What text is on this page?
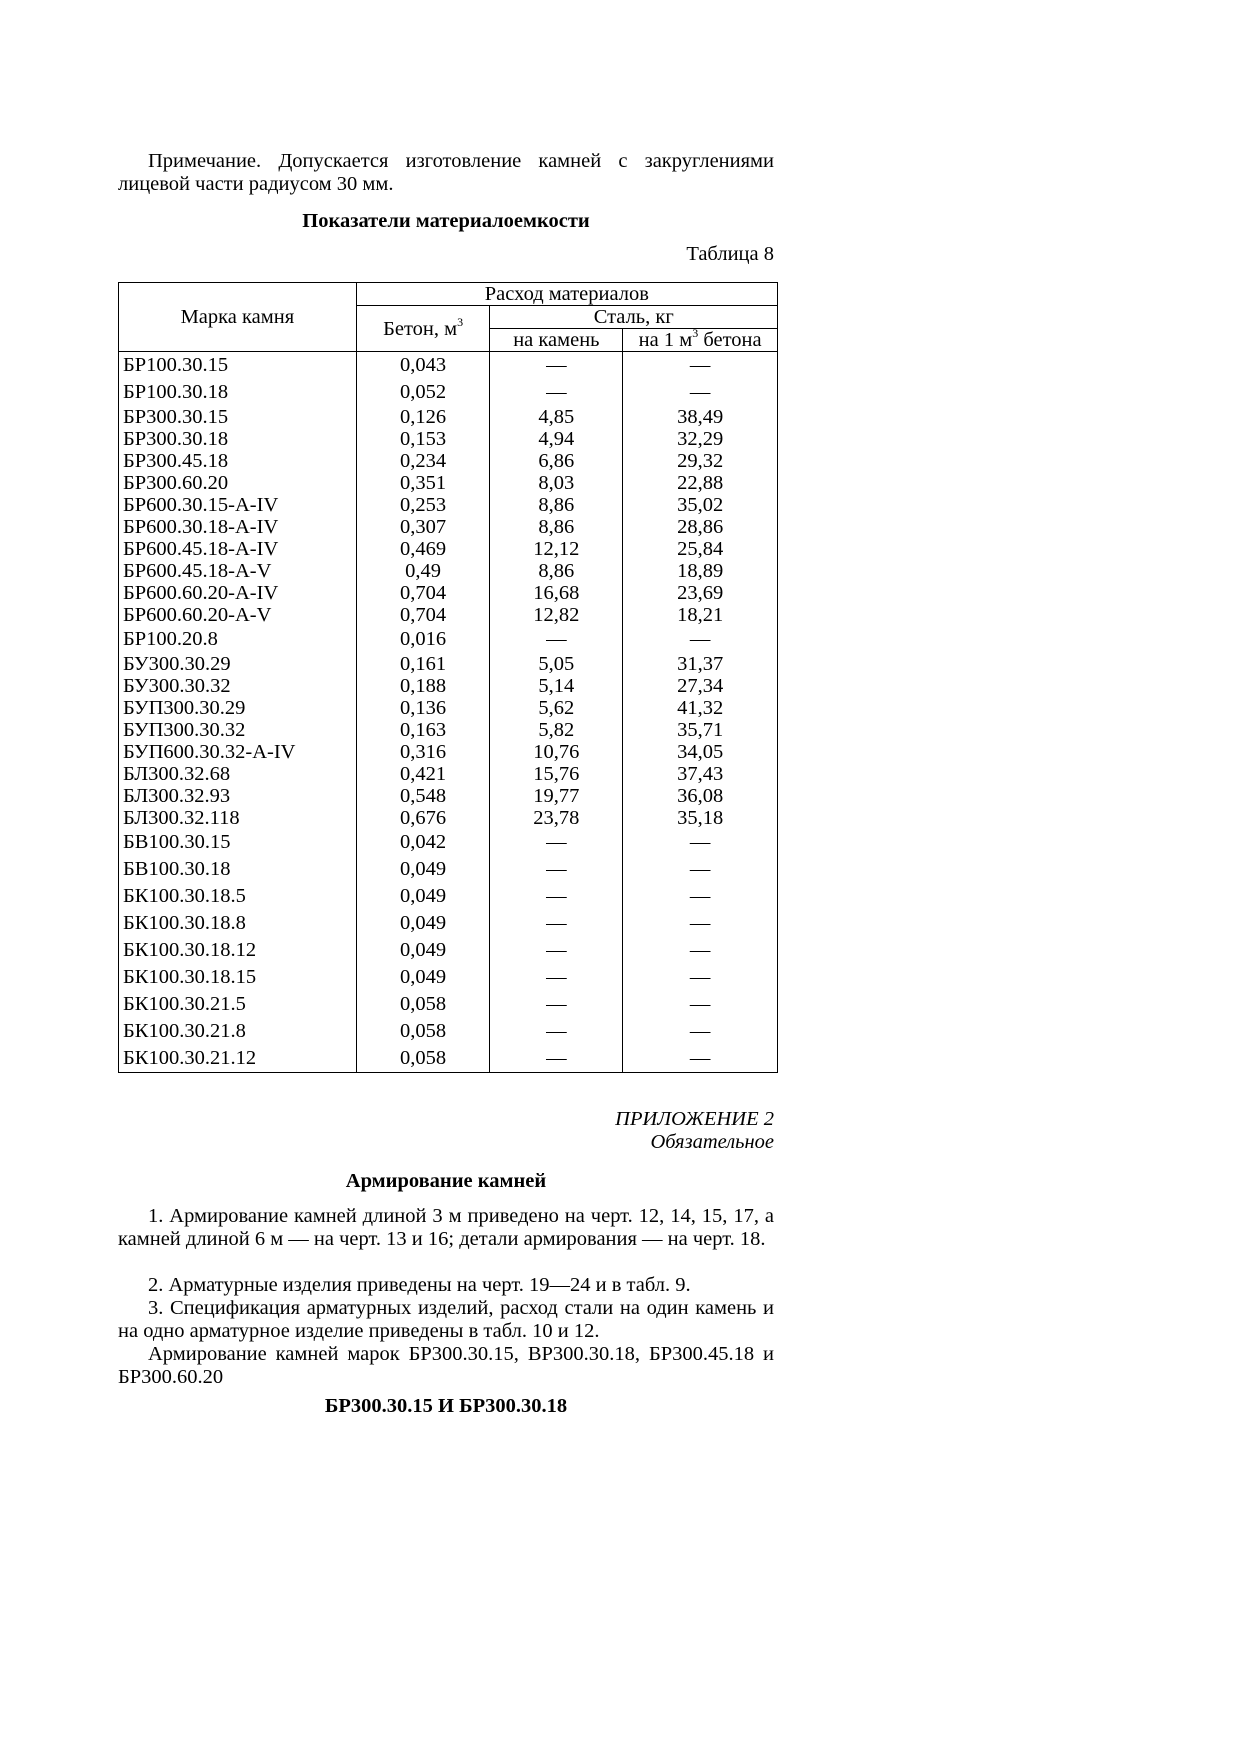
Примечание. Допускается изготовление камней с закруглениями лицевой части радиусом 30 мм.
Показатели материалоемкости
Таблица 8
Марка камня	Расход материалов		
	Бетон, $м^3$	Сталь, кг	
		на камень	на 1 $м^3$ бетона
БР100.30.15	0,043	—	—
БР100.30.18	0,052	—	—
БР300.30.15	0,126	4,85	38,49
БР300.30.18	0,153	4,94	32,29
БР300.45.18	0,234	6,86	29,32
БР300.60.20	0,351	8,03	22,88
БР600.30.15-A-IV	0,253	8,86	35,02
БР600.30.18-A-IV	0,307	8,86	28,86
БР600.45.18-A-IV	0,469	12,12	25,84
БР600.45.18-A-V	0,49	8,86	18,89
БР600.60.20-A-IV	0,704	16,68	23,69
БР600.60.20-A-V	0,704	12,82	18,21
БР100.20.8	0,016	—	—
БУ300.30.29	0,161	5,05	31,37
БУ300.30.32	0,188	5,14	27,34
БУП300.30.29	0,136	5,62	41,32
БУП300.30.32	0,163	5,82	35,71
БУП600.30.32-A-IV	0,316	10,76	34,05
БЛ300.32.68	0,421	15,76	37,43
БЛ300.32.93	0,548	19,77	36,08
БЛ300.32.118	0,676	23,78	35,18
БВ100.30.15	0,042	—	—
БВ100.30.18	0,049	—	—
БК100.30.18.5	0,049	—	—
БК100.30.18.8	0,049	—	—
БК100.30.18.12	0,049	—	—
БК100.30.18.15	0,049	—	—
БК100.30.21.5	0,058	—	—
БК100.30.21.8	0,058	—	—
БК100.30.21.12	0,058	—	—
ПРИЛОЖЕНИЕ 2
Обязательное
Армирование камней
1. Армирование камней длиной 3 м приведено на черт. 12, 14, 15, 17, а камней длиной 6 м — на черт. 13 и 16; детали армирования — на черт. 18.
2. Арматурные изделия приведены на черт. 19—24 и в табл. 9.
3. Спецификация арматурных изделий, расход стали на один камень и на одно арматурное изделие приведены в табл. 10 и 12.
Армирование камней марок БР300.30.15, ВР300.30.18, БР300.45.18 и БР300.60.20
БР300.30.15 И БР300.30.18
